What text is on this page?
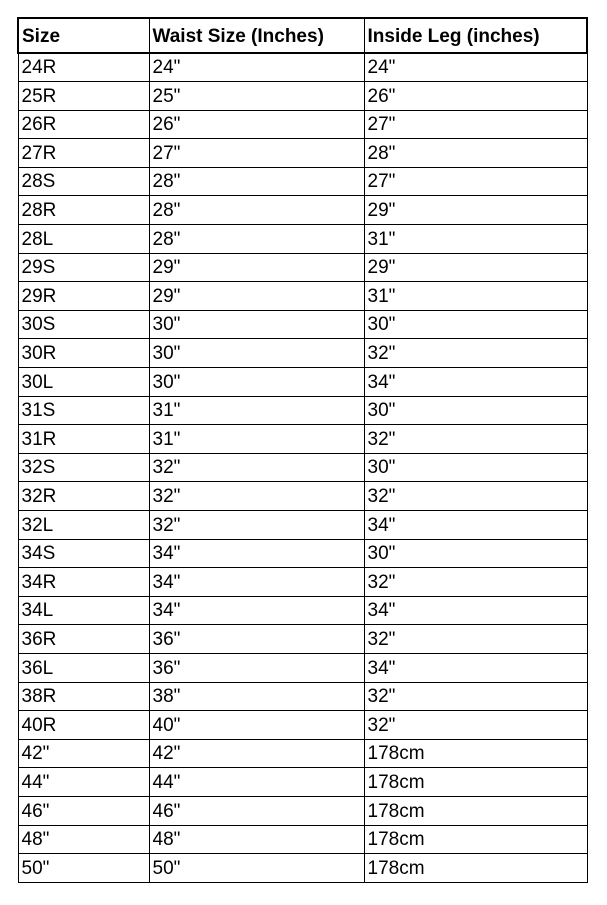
Size	Waist Size (Inches)	Inside Leg (inches)
24R	24"	24"
25R	25"	26"
26R	26"	27"
27R	27"	28"
28S	28"	27"
28R	28"	29"
28L	28"	31"
29S	29"	29"
29R	29"	31"
30S	30"	30"
30R	30"	32"
30L	30"	34"
31S	31"	30"
31R	31"	32"
32S	32"	30"
32R	32"	32"
32L	32"	34"
34S	34"	30"
34R	34"	32"
34L	34"	34"
36R	36"	32"
36L	36"	34"
38R	38"	32"
40R	40"	32"
42"	42"	178cm
44"	44"	178cm
46"	46"	178cm
48"	48"	178cm
50"	50"	178cm
